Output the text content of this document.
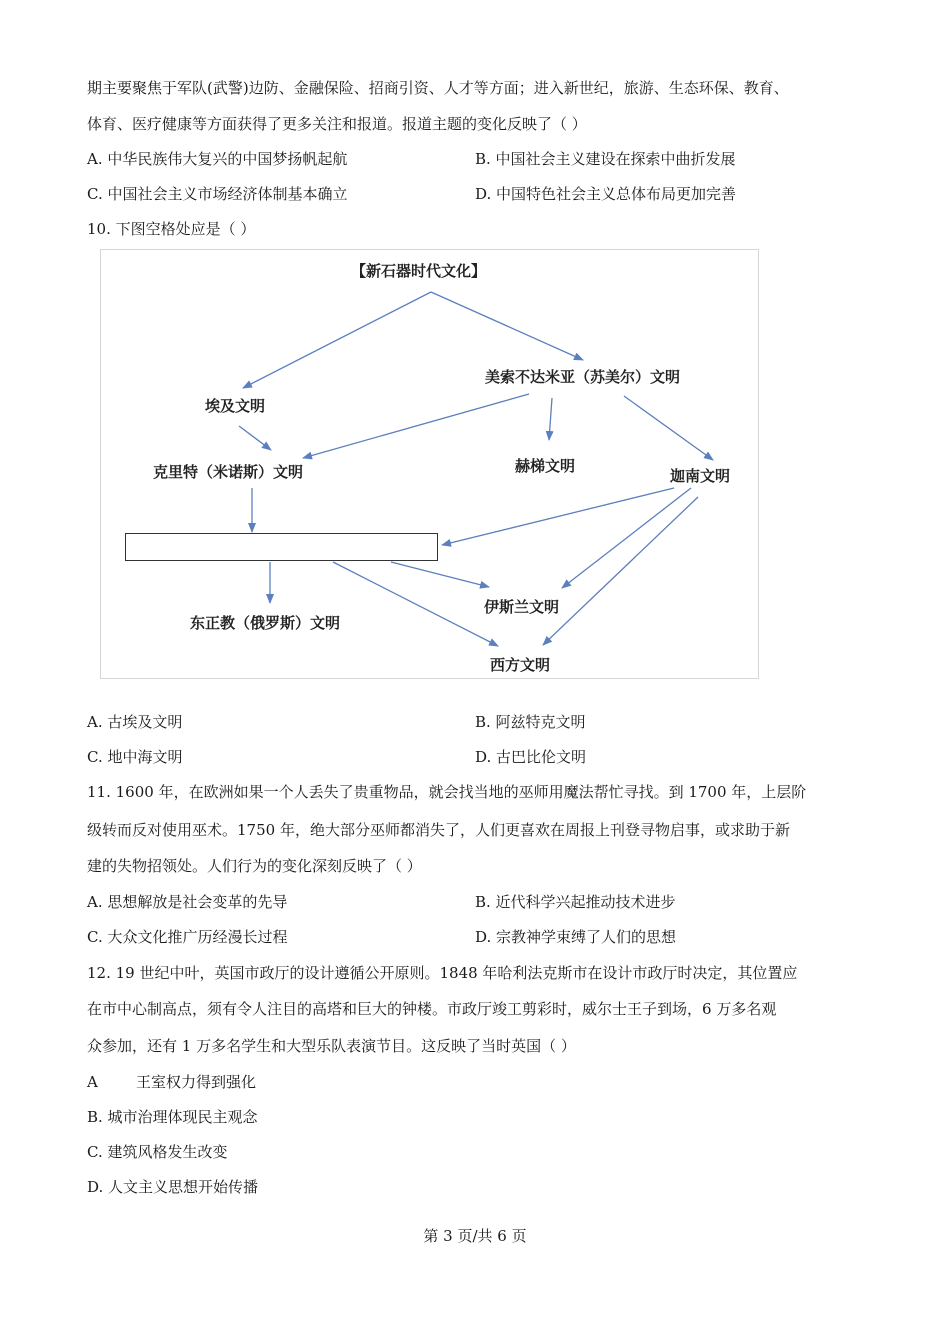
期主要聚焦于军队(武警)边防、金融保险、招商引资、人才等方面；进入新世纪，旅游、生态环保、教育、
体育、医疗健康等方面获得了更多关注和报道。报道主题的变化反映了（ ）
A. 中华民族伟大复兴的中国梦扬帆起航	B. 中国社会主义建设在探索中曲折发展
C. 中国社会主义市场经济体制基本确立	D. 中国特色社会主义总体布局更加完善
10. 下图空格处应是（ ）
【新石器时代文化】
美索不达米亚（苏美尔）文明
埃及文明
克里特（米诺斯）文明	赫梯文明
迦南文明
伊斯兰文明
东正教（俄罗斯）文明
西方文明
A. 古埃及文明	B. 阿兹特克文明
C. 地中海文明	D. 古巴比伦文明
11. 1600 年，在欧洲如果一个人丢失了贵重物品，就会找当地的巫师用魔法帮忙寻找。到 1700 年，上层阶
级转而反对使用巫术。1750 年，绝大部分巫师都消失了，人们更喜欢在周报上刊登寻物启事，或求助于新
建的失物招领处。人们行为的变化深刻反映了（ ）
A. 思想解放是社会变革的先导	B. 近代科学兴起推动技术进步
C. 大众文化推广历经漫长过程	D. 宗教神学束缚了人们的思想
12. 19 世纪中叶，英国市政厅的设计遵循公开原则。1848 年哈利法克斯市在设计市政厅时决定，其位置应
在市中心制高点，须有令人注目的高塔和巨大的钟楼。市政厅竣工剪彩时，威尔士王子到场，6 万多名观
众参加，还有 1 万多名学生和大型乐队表演节目。这反映了当时英国（ ）
A	王室权力得到强化
B. 城市治理体现民主观念
C. 建筑风格发生改变
D. 人文主义思想开始传播
第 3 页/共 6 页
